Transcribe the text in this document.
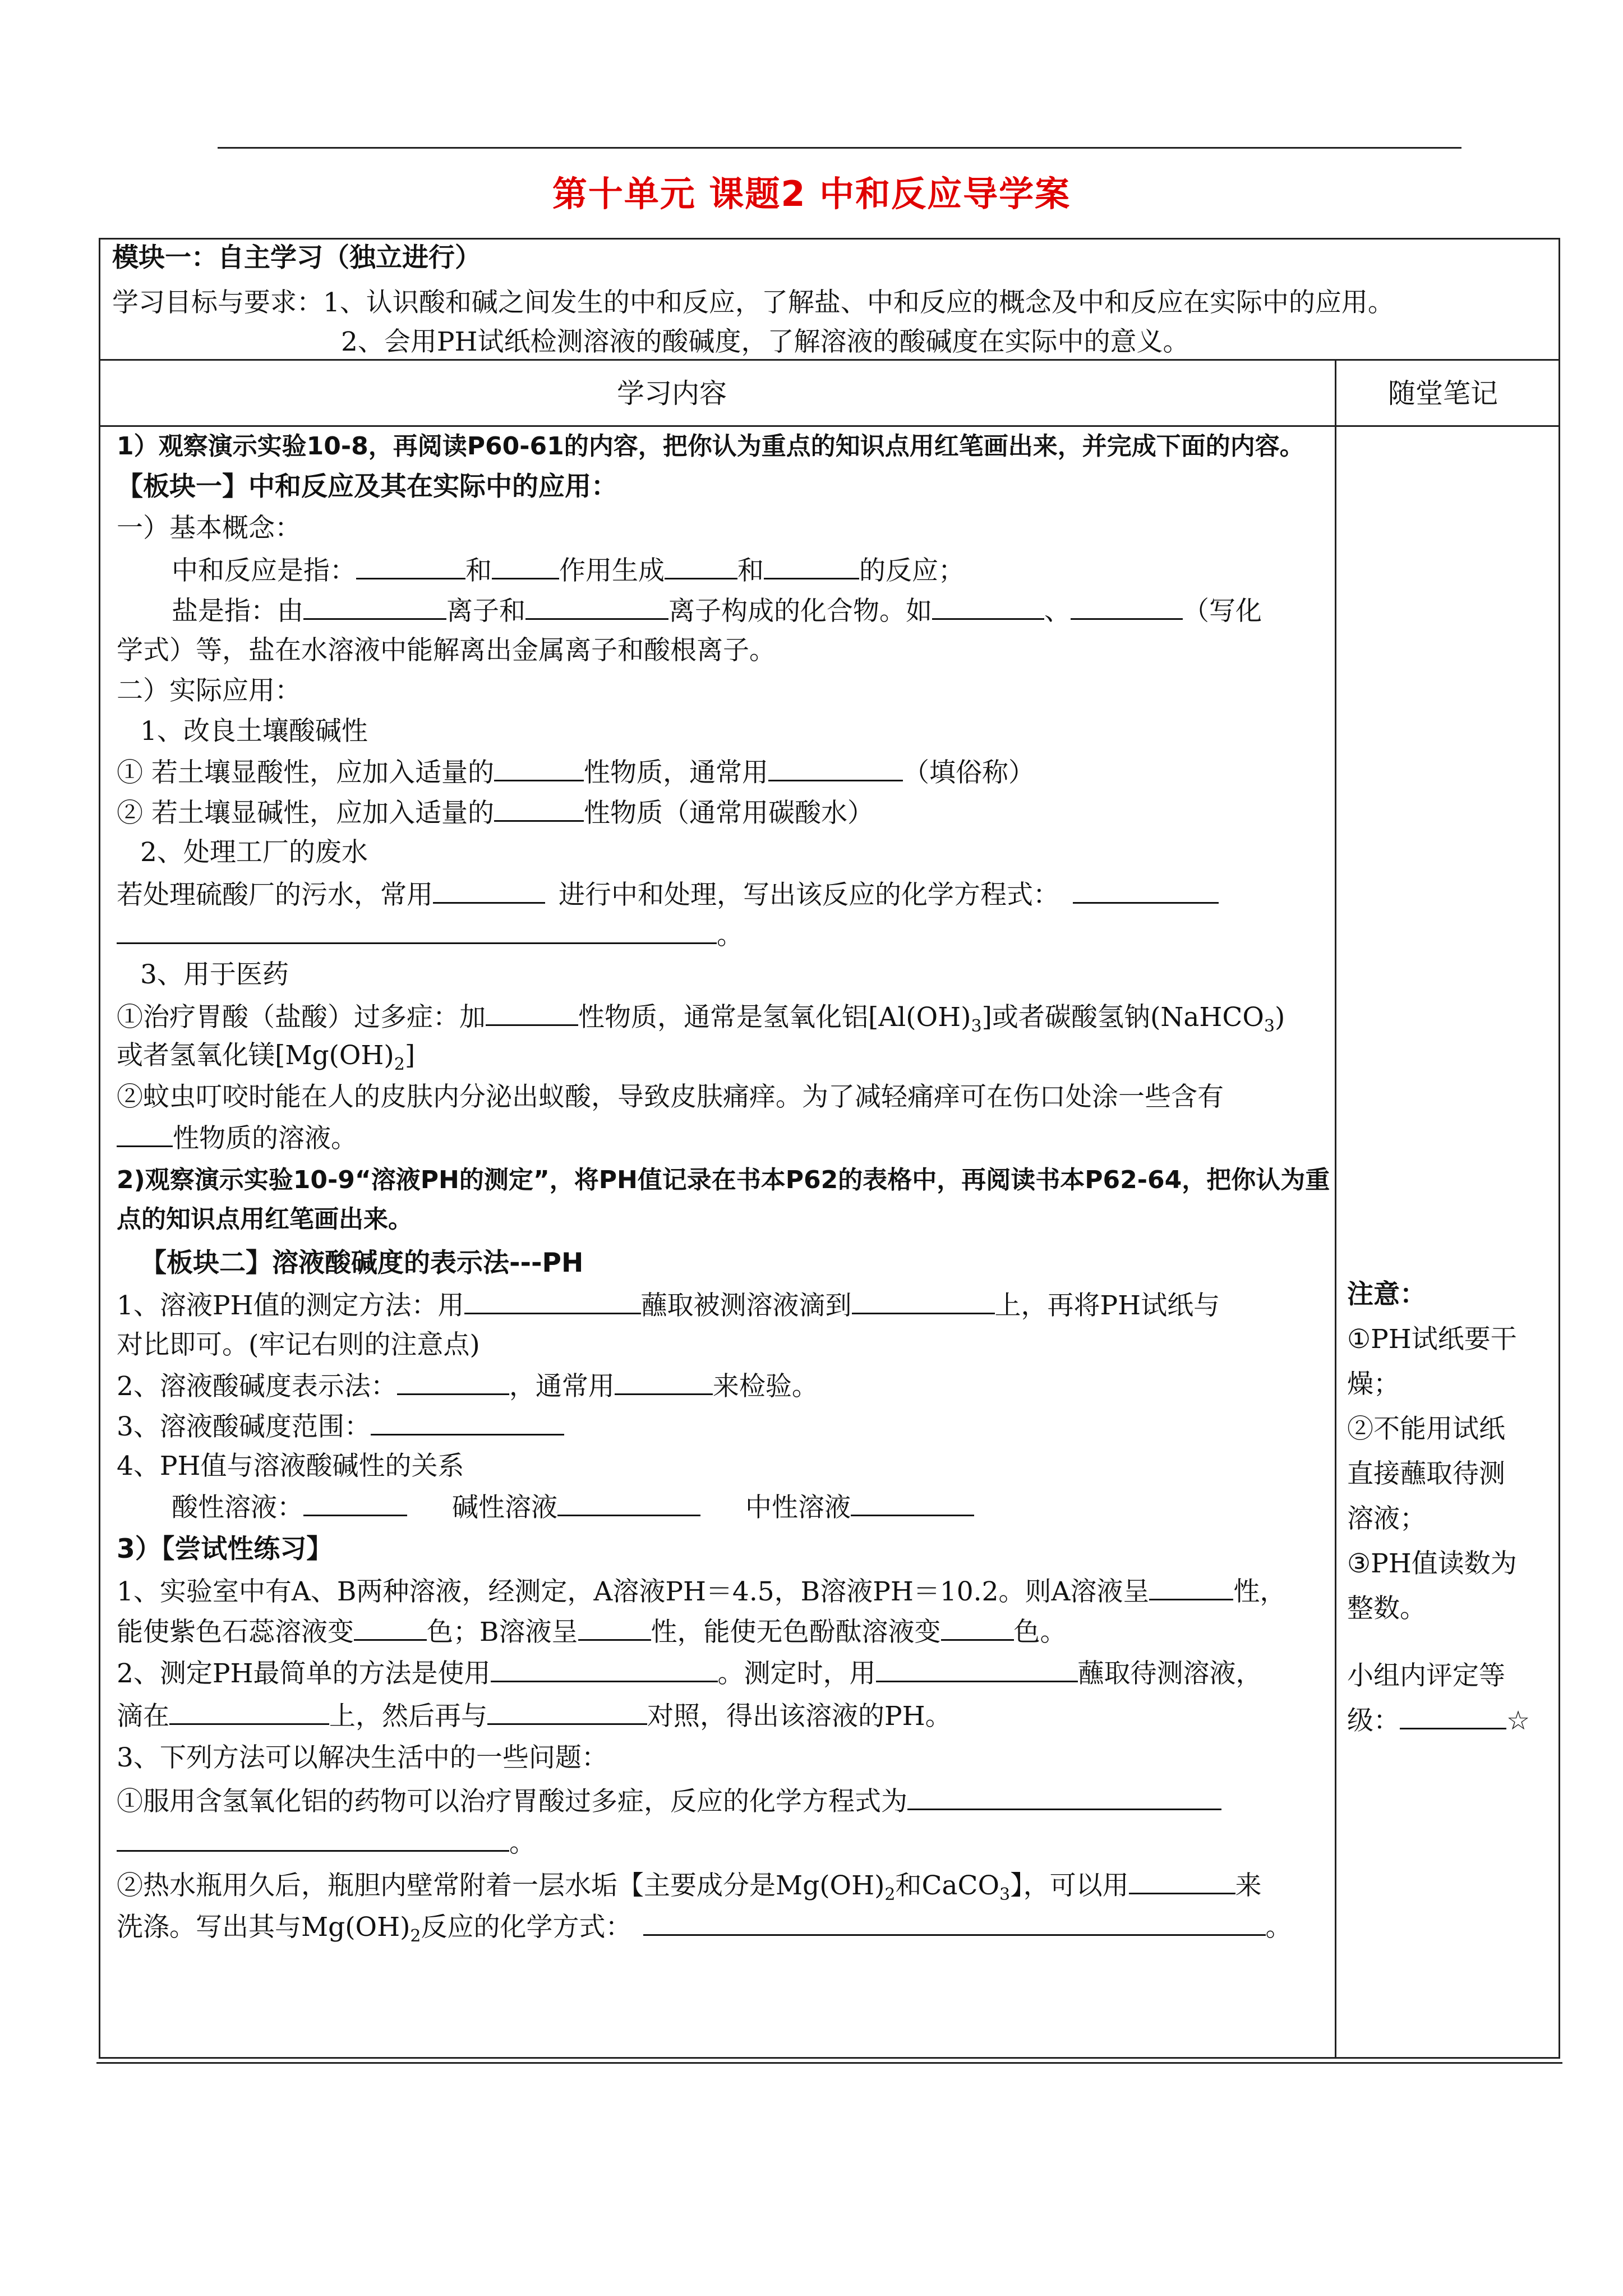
第十单元 课题2 中和反应导学案
模块一：自主学习（独立进行）
学习目标与要求：1、认识酸和碱之间发生的中和反应，了解盐、中和反应的概念及中和反应在实际中的应用。
2、会用PH试纸检测溶液的酸碱度，了解溶液的酸碱度在实际中的意义。
学习内容	随堂笔记
1）观察演示实验10-8，再阅读P60-61的内容，把你认为重点的知识点用红笔画出来，并完成下面的内容。
【板块一】中和反应及其在实际中的应用：
一）基本概念：
中和反应是指：	和	作用生成	和	的反应；
盐是指：由	离子和	离子构成的化合物。如	、	（写化
学式）等，盐在水溶液中能解离出金属离子和酸根离子。
二）实际应用：
1、改良土壤酸碱性
① 若土壤显酸性，应加入适量的	性物质，通常用	（填俗称）
② 若土壤显碱性，应加入适量的	性物质（通常用碳酸水）
2、处理工厂的废水
若处理硫酸厂的污水，常用	进行中和处理，写出该反应的化学方程式：
。
3、用于医药
①治疗胃酸（盐酸）过多症：加	性物质，通常是氢氧化铝$[Al(OH)_3]$或者碳酸氢钠(NaHCO$_3$)
或者氢氧化镁$[Mg(OH)_2]$
②蚊虫叮咬时能在人的皮肤内分泌出蚁酸，导致皮肤痛痒。为了减轻痛痒可在伤口处涂一些含有
性物质的溶液。
2)观察演示实验10-9“溶液PH的测定”，将PH值记录在书本P62的表格中，再阅读书本P62-64，把你认为重
点的知识点用红笔画出来。
【板块二】溶液酸碱度的表示法---PH
1、溶液PH值的测定方法：用	蘸取被测溶液滴到	上，再将PH试纸与
对比即可。(牢记右则的注意点)
2、溶液酸碱度表示法：	，通常用	来检验。
3、溶液酸碱度范围：
4、PH值与溶液酸碱性的关系
酸性溶液：	碱性溶液	中性溶液
3）【尝试性练习】
1、实验室中有A、B两种溶液，经测定，A溶液PH＝4.5，B溶液PH＝10.2。则A溶液呈	性，
能使紫色石蕊溶液变	色；B溶液呈	性，能使无色酚酞溶液变	色。
2、测定PH最简单的方法是使用	。测定时，用	蘸取待测溶液，
滴在	上，然后再与	对照，得出该溶液的PH。
3、下列方法可以解决生活中的一些问题：
①服用含氢氧化铝的药物可以治疗胃酸过多症，反应的化学方程式为
。
②热水瓶用久后，瓶胆内壁常附着一层水垢【主要成分是$Mg(OH)_2$和CaCO$_3$】，可以用	来
洗涤。写出其与$Mg(OH)_2$反应的化学方式：	。
注意：
①PH试纸要干
燥；
②不能用试纸
直接蘸取待测
溶液；
③PH值读数为
整数。
小组内评定等
级：	☆
